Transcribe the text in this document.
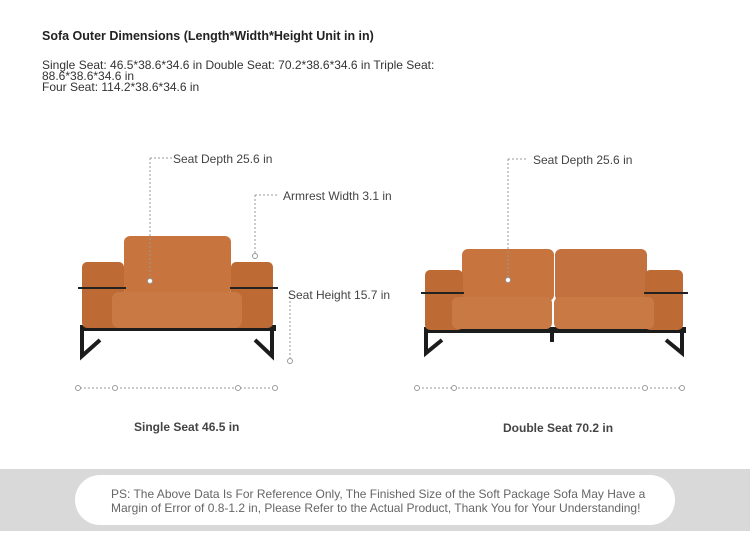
Sofa Outer Dimensions (Length*Width*Height Unit in in)
Single Seat: 46.5*38.6*34.6 in Double Seat: 70.2*38.6*34.6 in Triple Seat: 88.6*38.6*34.6 in
Four Seat: 114.2*38.6*34.6 in
Seat Depth 25.6 in
Armrest Width 3.1 in
Seat Height 15.7 in
Single Seat 46.5 in
Seat Depth 25.6 in
Double Seat 70.2 in
PS: The Above Data Is For Reference Only, The Finished Size of the Soft Package Sofa May Have a Margin of Error of 0.8-1.2 in, Please Refer to the Actual Product, Thank You for Your Understanding!
